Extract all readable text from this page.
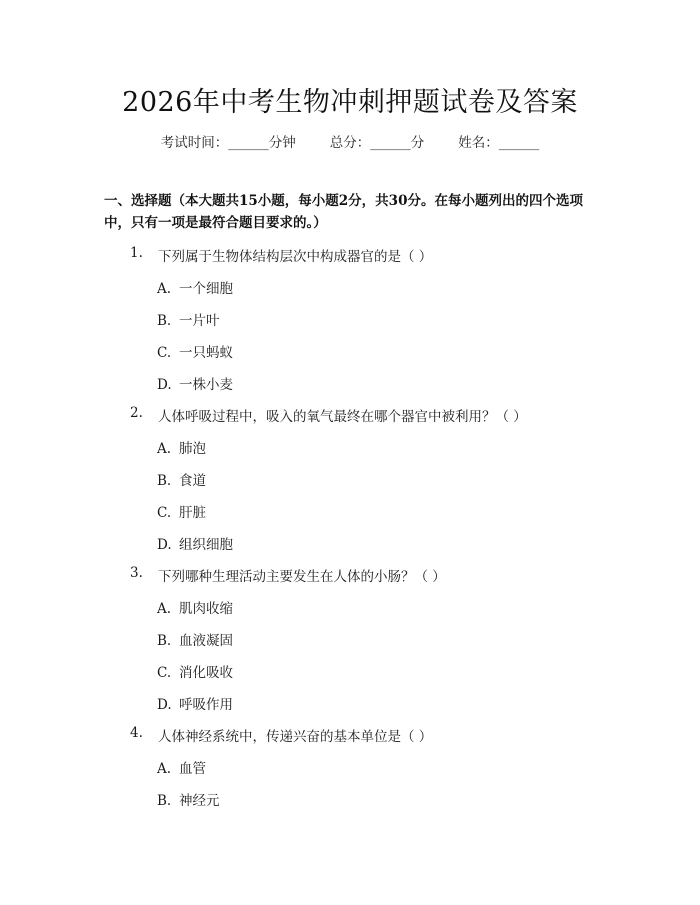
2026年中考生物冲刺押题试卷及答案
考试时间：______分钟	总分：______分	姓名：______
一、选择题（本大题共15小题，每小题2分，共30分。在每小题列出的四个选项中，只有一项是最符合题目要求的。）
1.	下列属于生物体结构层次中构成器官的是（ ）
A. 一个细胞
B. 一片叶
C. 一只蚂蚁
D. 一株小麦
2.	人体呼吸过程中，吸入的氧气最终在哪个器官中被利用？（ ）
A. 肺泡
B. 食道
C. 肝脏
D. 组织细胞
3.	下列哪种生理活动主要发生在人体的小肠？（ ）
A. 肌肉收缩
B. 血液凝固
C. 消化吸收
D. 呼吸作用
4.	人体神经系统中，传递兴奋的基本单位是（ ）
A. 血管
B. 神经元
